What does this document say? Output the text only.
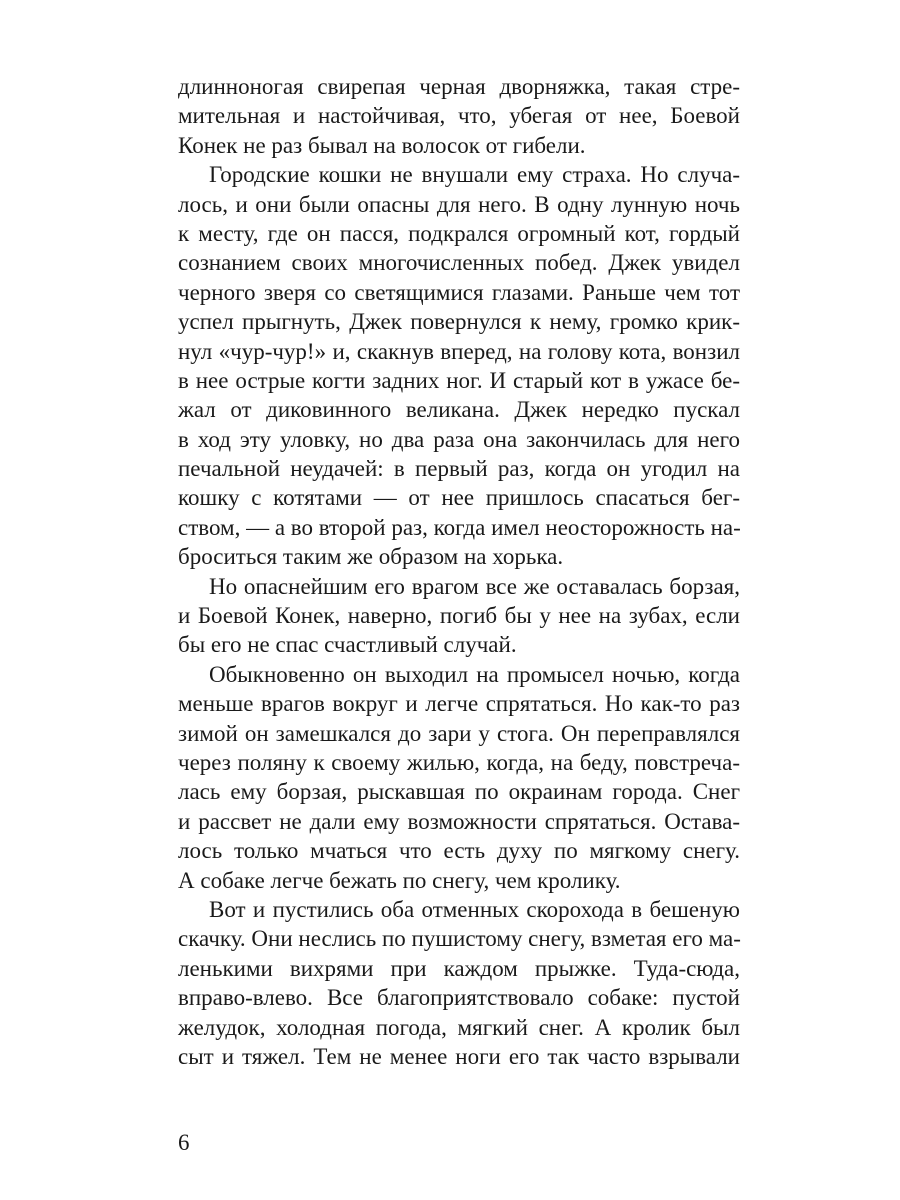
длинноногая свирепая черная дворняжка, такая стре-
мительная и настойчивая, что, убегая от нее, Боевой
Конек не раз бывал на волосок от гибели.
Городские кошки не внушали ему страха. Но случа-
лось, и они были опасны для него. В одну лунную ночь
к месту, где он пасся, подкрался огромный кот, гордый
сознанием своих многочисленных побед. Джек увидел
черного зверя со светящимися глазами. Раньше чем тот
успел прыгнуть, Джек повернулся к нему, громко крик-
нул «чур-чур!» и, скакнув вперед, на голову кота, вонзил
в нее острые когти задних ног. И старый кот в ужасе бе-
жал от диковинного великана. Джек нередко пускал
в ход эту уловку, но два раза она закончилась для него
печальной неудачей: в первый раз, когда он угодил на
кошку с котятами — от нее пришлось спасаться бег-
ством, — а во второй раз, когда имел неосторожность на-
броситься таким же образом на хорька.
Но опаснейшим его врагом все же оставалась борзая,
и Боевой Конек, наверно, погиб бы у нее на зубах, если
бы его не спас счастливый случай.
Обыкновенно он выходил на промысел ночью, когда
меньше врагов вокруг и легче спрятаться. Но как-то раз
зимой он замешкался до зари у стога. Он переправлялся
через поляну к своему жилью, когда, на беду, повстреча-
лась ему борзая, рыскавшая по окраинам города. Снег
и рассвет не дали ему возможности спрятаться. Остава-
лось только мчаться что есть духу по мягкому снегу.
А собаке легче бежать по снегу, чем кролику.
Вот и пустились оба отменных скорохода в бешеную
скачку. Они неслись по пушистому снегу, взметая его ма-
ленькими вихрями при каждом прыжке. Туда-сюда,
вправо-влево. Все благоприятствовало собаке: пустой
желудок, холодная погода, мягкий снег. А кролик был
сыт и тяжел. Тем не менее ноги его так часто взрывали
6
